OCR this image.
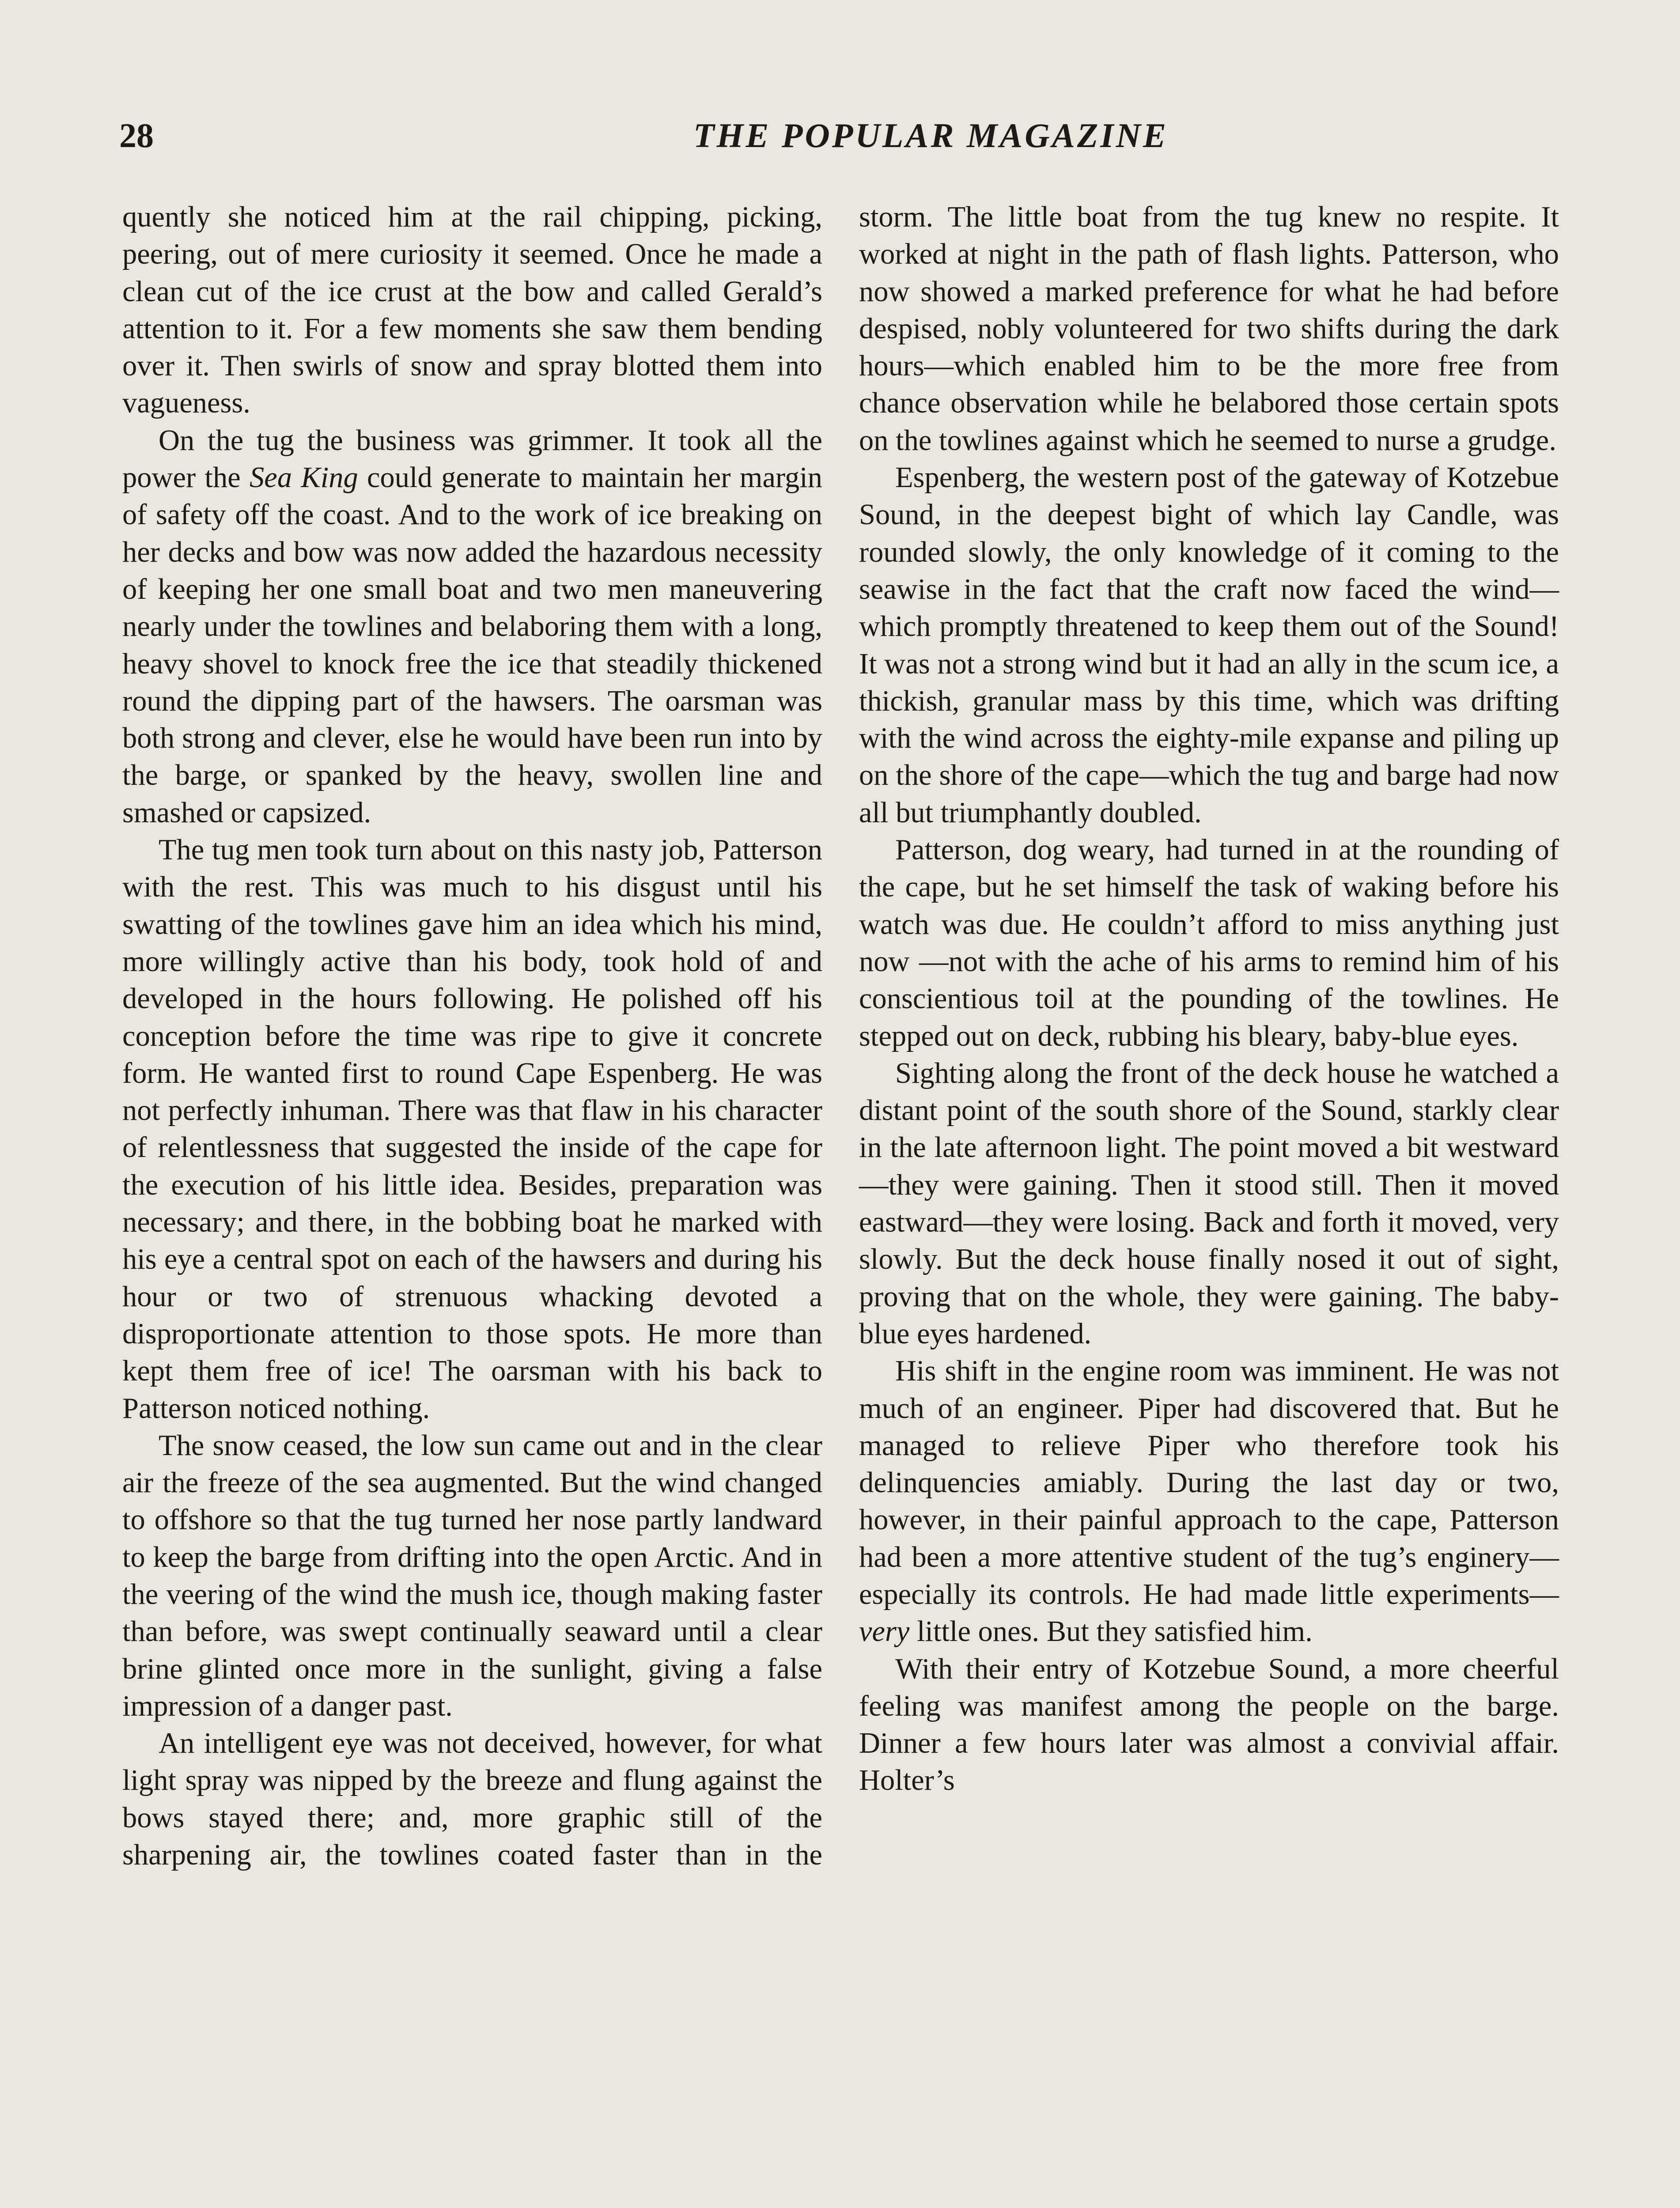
28	THE POPULAR MAGAZINE

quently she noticed him at the rail chipping, picking, peering, out of mere curiosity it seemed. Once he made a clean cut of the ice crust at the bow and called Gerald’s attention to it. For a few moments she saw them bending over it. Then swirls of snow and spray blotted them into vagueness.

On the tug the business was grimmer. It took all the power the Sea King could generate to maintain her margin of safety off the coast. And to the work of ice breaking on her decks and bow was now added the hazardous necessity of keeping her one small boat and two men maneuvering nearly under the towlines and belaboring them with a long, heavy shovel to knock free the ice that steadily thickened round the dipping part of the hawsers. The oarsman was both strong and clever, else he would have been run into by the barge, or spanked by the heavy, swollen line and smashed or capsized.

The tug men took turn about on this nasty job, Patterson with the rest. This was much to his disgust until his swatting of the towlines gave him an idea which his mind, more willingly active than his body, took hold of and developed in the hours following. He polished off his conception before the time was ripe to give it concrete form. He wanted first to round Cape Espenberg. He was not perfectly inhuman. There was that flaw in his character of relentlessness that suggested the inside of the cape for the execution of his little idea. Besides, preparation was necessary; and there, in the bobbing boat he marked with his eye a central spot on each of the hawsers and during his hour or two of strenuous whacking devoted a disproportionate attention to those spots. He more than kept them free of ice! The oarsman with his back to Patterson noticed nothing.

The snow ceased, the low sun came out and in the clear air the freeze of the sea augmented. But the wind changed to offshore so that the tug turned her nose partly landward to keep the barge from drifting into the open Arctic. And in the veering of the wind the mush ice, though making faster than before, was swept continually seaward until a clear brine glinted once more in the sunlight, giving a false impression of a danger past.

An intelligent eye was not deceived, however, for what light spray was nipped by the breeze and flung against the bows stayed there; and, more graphic still of the sharpening air, the towlines coated faster than in the

storm. The little boat from the tug knew no respite. It worked at night in the path of flash lights. Patterson, who now showed a marked preference for what he had before despised, nobly volunteered for two shifts during the dark hours—which enabled him to be the more free from chance observation while he belabored those certain spots on the towlines against which he seemed to nurse a grudge.

Espenberg, the western post of the gateway of Kotzebue Sound, in the deepest bight of which lay Candle, was rounded slowly, the only knowledge of it coming to the seawise in the fact that the craft now faced the wind—which promptly threatened to keep them out of the Sound! It was not a strong wind but it had an ally in the scum ice, a thickish, granular mass by this time, which was drifting with the wind across the eighty-mile expanse and piling up on the shore of the cape—which the tug and barge had now all but triumphantly doubled.

Patterson, dog weary, had turned in at the rounding of the cape, but he set himself the task of waking before his watch was due. He couldn’t afford to miss anything just now —not with the ache of his arms to remind him of his conscientious toil at the pounding of the towlines. He stepped out on deck, rubbing his bleary, baby-blue eyes.

Sighting along the front of the deck house he watched a distant point of the south shore of the Sound, starkly clear in the late afternoon light. The point moved a bit westward—they were gaining. Then it stood still. Then it moved eastward—they were losing. Back and forth it moved, very slowly. But the deck house finally nosed it out of sight, proving that on the whole, they were gaining. The baby-blue eyes hardened.

His shift in the engine room was imminent. He was not much of an engineer. Piper had discovered that. But he managed to relieve Piper who therefore took his delinquencies amiably. During the last day or two, however, in their painful approach to the cape, Patterson had been a more attentive student of the tug’s enginery—especially its controls. He had made little experiments—very little ones. But they satisfied him.

With their entry of Kotzebue Sound, a more cheerful feeling was manifest among the people on the barge. Dinner a few hours later was almost a convivial affair. Holter’s
